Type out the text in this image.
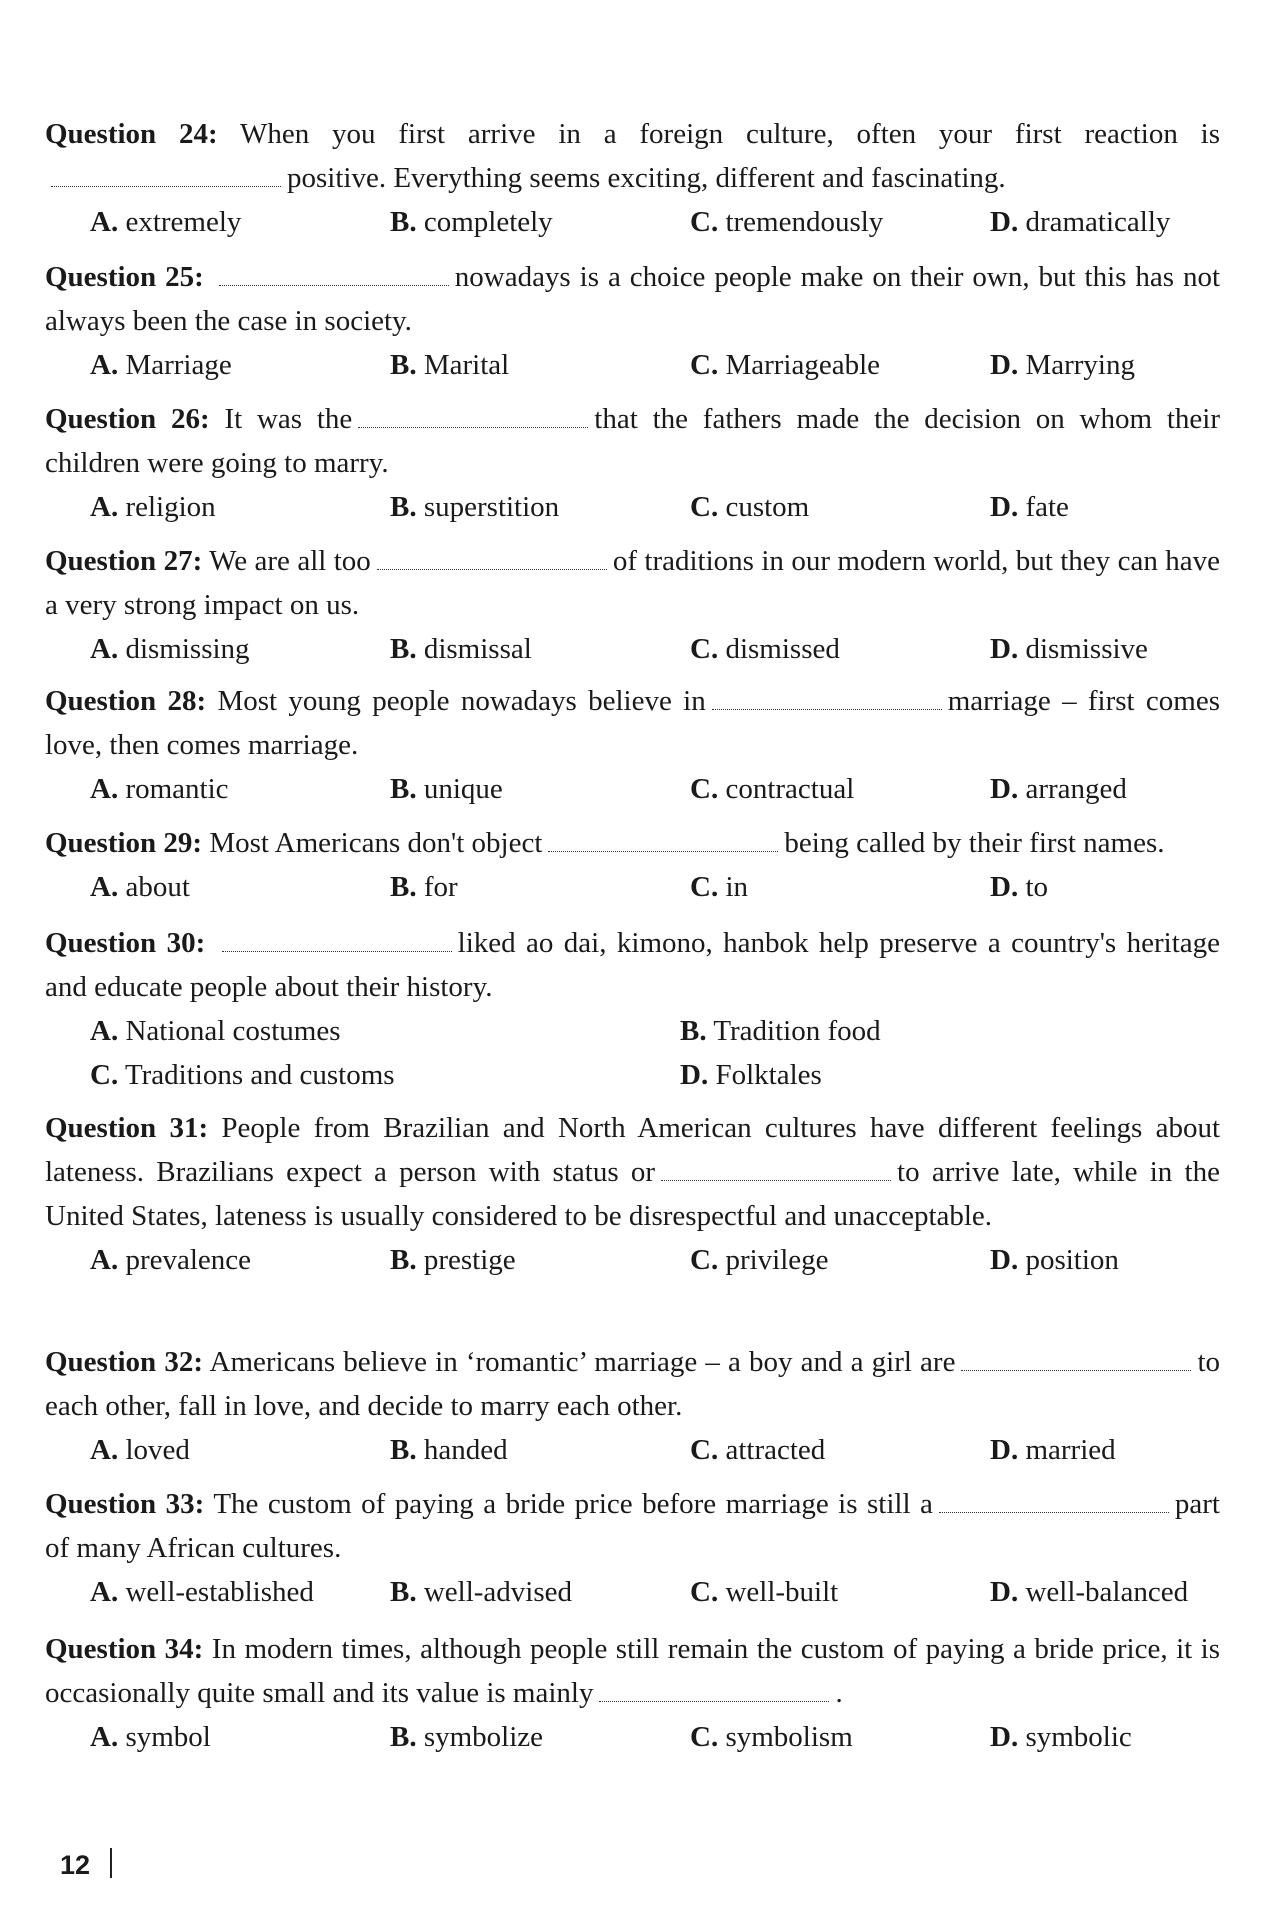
Question 24: When you first arrive in a foreign culture, often your first reaction ispositive. Everything seems exciting, different and fascinating.
A. extremely	B. completely	C. tremendously	D. dramatically
Question 25:	nowadays is a choice people make on their own, but this has not always been the case in society.
A. Marriage	B. Marital	C. Marriageable	D. Marrying
Question 26: It was the	that the fathers made the decision on whom their children were going to marry.
A. religion	B. superstition	C. custom	D. fate
Question 27: We are all too	of traditions in our modern world, but they can have a very strong impact on us.
A. dismissing	B. dismissal	C. dismissed	D. dismissive
Question 28: Most young people nowadays believe in	marriage – first comes love, then comes marriage.
A. romantic	B. unique	C. contractual	D. arranged
Question 29: Most Americans don't object	being called by their first names.
A. about	B. for	C. in	D. to
Question 30:	liked ao dai, kimono, hanbok help preserve a country's heritage and educate people about their history.
A. National costumes	B. Tradition food
C. Traditions and customs	D. Folktales
Question 31: People from Brazilian and North American cultures have different feelings about lateness. Brazilians expect a person with status or	to arrive late, while in the United States, lateness is usually considered to be disrespectful and unacceptable.
A. prevalence	B. prestige	C. privilege	D. position
Question 32: Americans believe in ‘romantic’ marriage – a boy and a girl are	to each other, fall in love, and decide to marry each other.
A. loved	B. handed	C. attracted	D. married
Question 33: The custom of paying a bride price before marriage is still a	part of many African cultures.
A. well-established	B. well-advised	C. well-built	D. well-balanced
Question 34: In modern times, although people still remain the custom of paying a bride price, it is occasionally quite small and its value is mainly	.
A. symbol	B. symbolize	C. symbolism	D. symbolic
12
